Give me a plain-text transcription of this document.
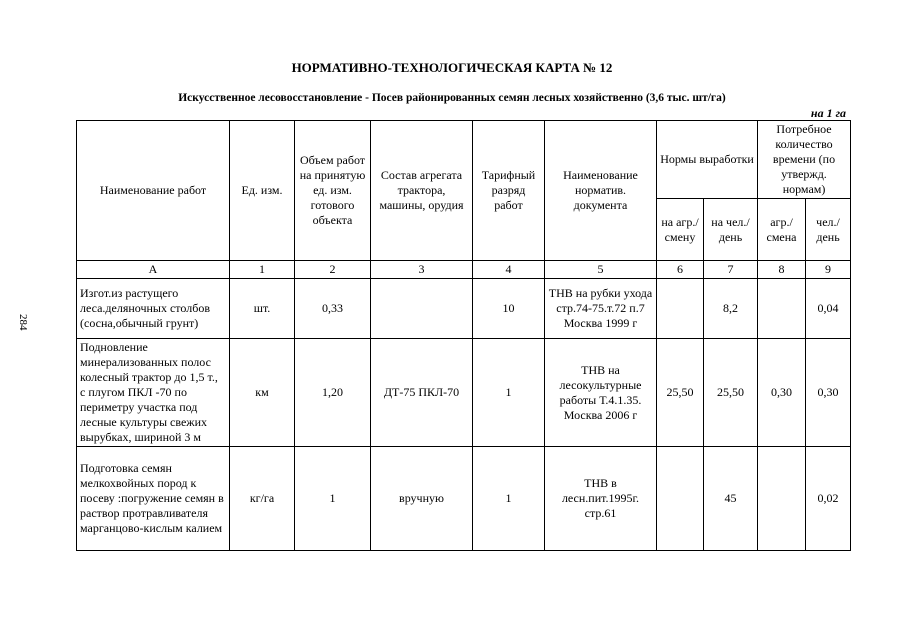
284
НОРМАТИВНО-ТЕХНОЛОГИЧЕСКАЯ КАРТА № 12
Искусственное лесовосстановление - Посев районированных семян лесных хозяйственно (3,6 тыс. шт/га)
на 1 га
Наименование работ	Ед. изм.	Объем работ на принятую ед. изм. готового объекта	Состав агрегата трактора, машины, орудия	Тарифный разряд работ	Наименование норматив. документа	Нормы выработки		Потребное количество времени (по утвержд. нормам)	
						на агр./ смену	на чел./ день	агр./ смена	чел./ день
А	1	2	3	4	5	6	7	8	9
Изгот.из растущего леса.деляночных столбов (сосна,обычный грунт)	шт.	0,33		10	ТНВ на рубки ухода стр.74-75.т.72 п.7 Москва 1999 г		8,2		0,04
Подновление минерализованных полос колесный трактор до 1,5 т., с плугом ПКЛ -70 по периметру участка под лесные культуры свежих вырубках, шириной 3 м	км	1,20	ДТ-75 ПКЛ-70	1	ТНВ на лесокультурные работы Т.4.1.35. Москва 2006 г	25,50	25,50	0,30	0,30
Подготовка семян мелкохвойных пород к посеву :погружение семян в раствор протравливателя марганцово-кислым калием	кг/га	1	вручную	1	ТНВ в лесн.пит.1995г. стр.61		45		0,02
